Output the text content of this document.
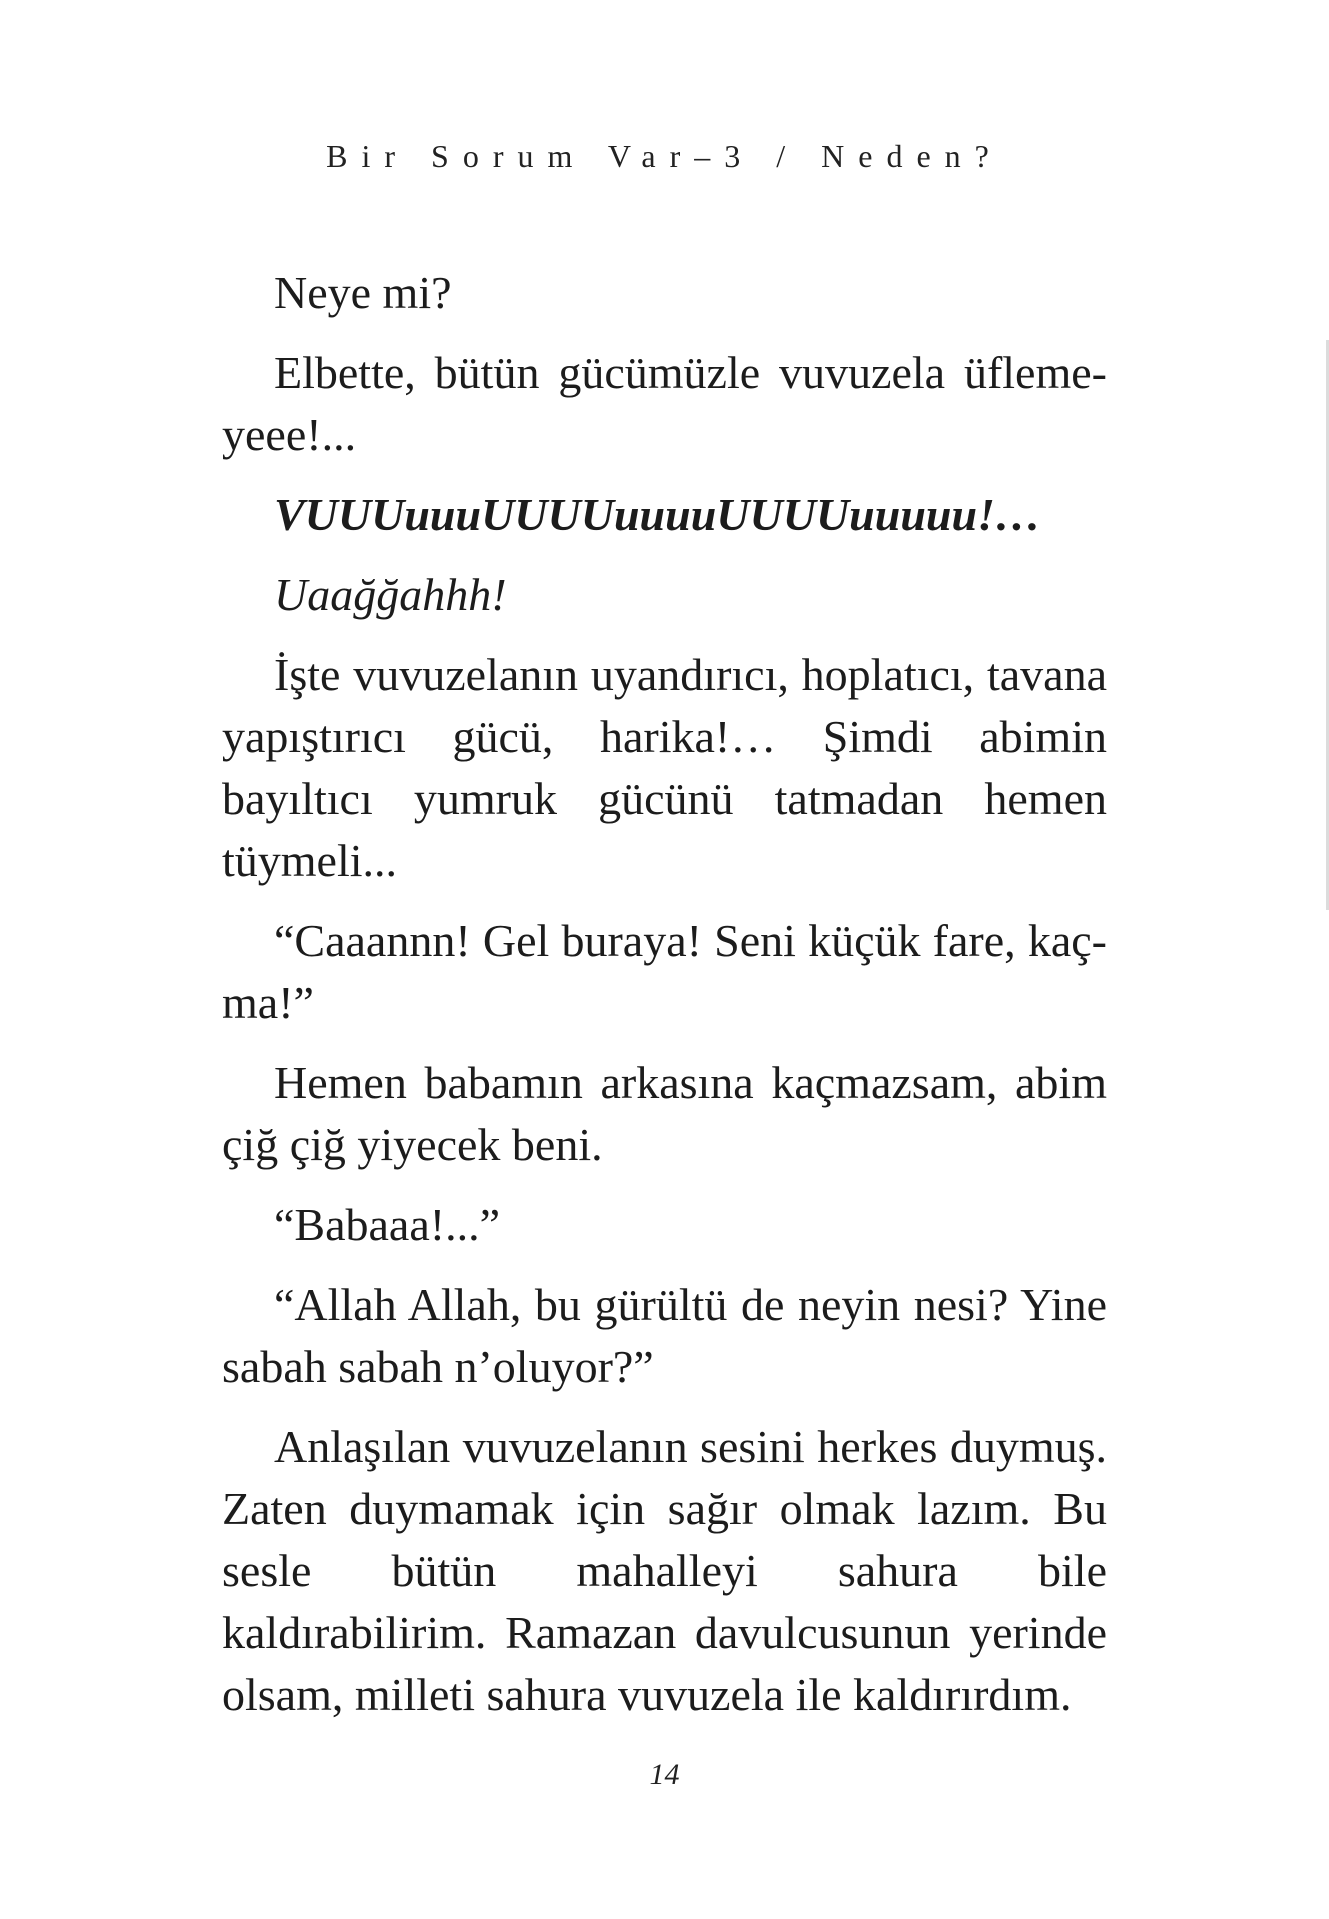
Bir Sorum Var–3 / Neden?

Neye mi?

Elbette, bütün gücümüzle vuvuzela üfleme-yeee!...

VUUUuuuUUUUuuuuUUUUuuuuu!…

Uaağğahhh!

İşte vuvuzelanın uyandırıcı, hoplatıcı, tavana yapıştırıcı gücü, harika!… Şimdi abimin bayıltıcı yumruk gücünü tatmadan hemen tüymeli...

“Caaannn! Gel buraya! Seni küçük fare, kaç-ma!”

Hemen babamın arkasına kaçmazsam, abim çiğ çiğ yiyecek beni.

“Babaaa!...”

“Allah Allah, bu gürültü de neyin nesi? Yine sabah sabah n’oluyor?”

Anlaşılan vuvuzelanın sesini herkes duymuş. Zaten duymamak için sağır olmak lazım. Bu sesle bütün mahalleyi sahura bile kaldırabilirim. Ramazan davulcusunun yerinde olsam, milleti sahura vuvuzela ile kaldırırdım.

14
